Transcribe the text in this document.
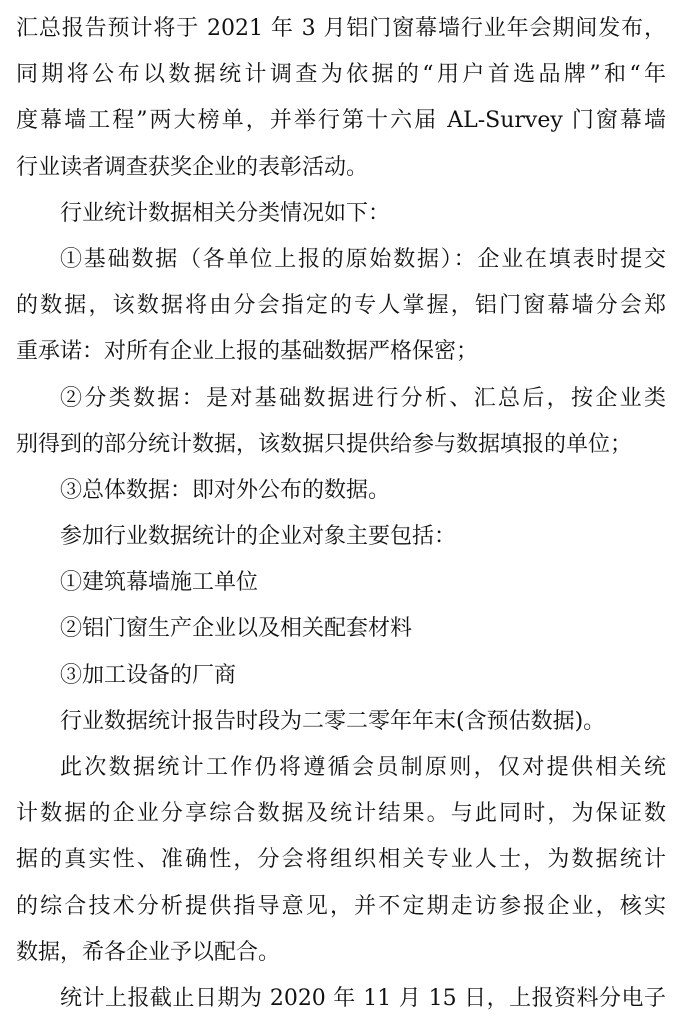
汇总报告预计将于 2021 年 3 月铝门窗幕墙行业年会期间发布，
同期将公布以数据统计调查为依据的“用户首选品牌”和“年
度幕墙工程”两大榜单，并举行第十六届 AL-Survey 门窗幕墙
行业读者调查获奖企业的表彰活动。
行业统计数据相关分类情况如下：
①基础数据（各单位上报的原始数据）：企业在填表时提交
的数据，该数据将由分会指定的专人掌握，铝门窗幕墙分会郑
重承诺：对所有企业上报的基础数据严格保密；
②分类数据：是对基础数据进行分析、汇总后，按企业类
别得到的部分统计数据，该数据只提供给参与数据填报的单位；
③总体数据：即对外公布的数据。
参加行业数据统计的企业对象主要包括：
①建筑幕墙施工单位
②铝门窗生产企业以及相关配套材料
③加工设备的厂商
行业数据统计报告时段为二零二零年年末(含预估数据)。
此次数据统计工作仍将遵循会员制原则，仅对提供相关统
计数据的企业分享综合数据及统计结果。与此同时，为保证数
据的真实性、准确性，分会将组织相关专业人士，为数据统计
的综合技术分析提供指导意见，并不定期走访参报企业，核实
数据，希各企业予以配合。
统计上报截止日期为 2020 年 11 月 15 日，上报资料分电子
